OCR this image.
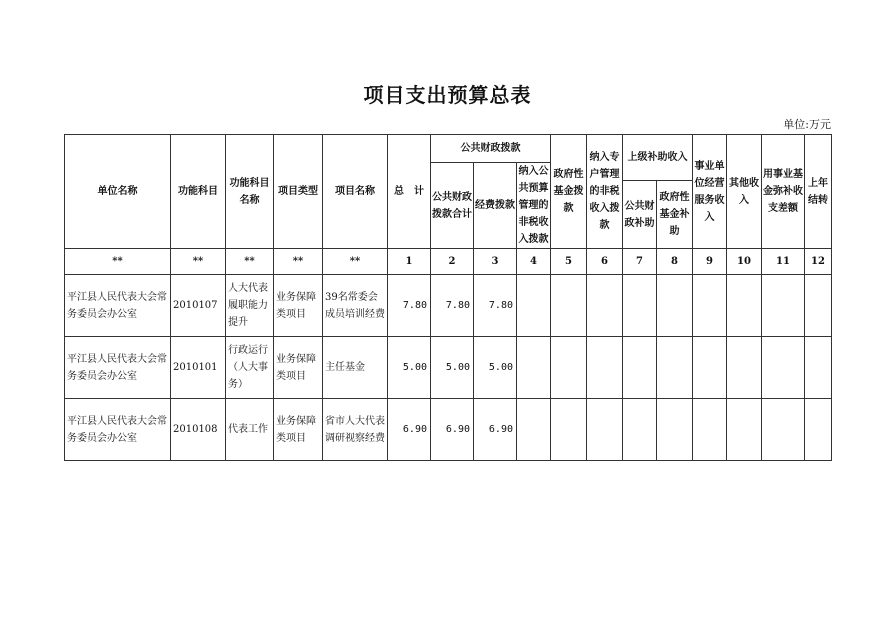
项目支出预算总表
单位:万元
单位名称	功能科目	功能科目名称	项目类型	项目名称	总　计	公共财政拨款			政府性基金拨款	纳入专户管理的非税收入拨款	上级补助收入		事业单位经营服务收入	其他收入	用事业基金弥补收支差额	上年结转
						公共财政拨款合计	经费拨款	纳入公共预算管理的非税收入拨款								
											公共财政补助	政府性基金补助				
**	**	**	**	**	1	2	3	4	5	6	7	8	9	10	11	12
平江县人民代表大会常务委员会办公室	2010107	人大代表履职能力提升	业务保障类项目	39名常委会成员培训经费	7.80	7.80	7.80									
平江县人民代表大会常务委员会办公室	2010101	行政运行（人大事务）	业务保障类项目	主任基金	5.00	5.00	5.00									
平江县人民代表大会常务委员会办公室	2010108	代表工作	业务保障类项目	省市人大代表调研视察经费	6.90	6.90	6.90									
